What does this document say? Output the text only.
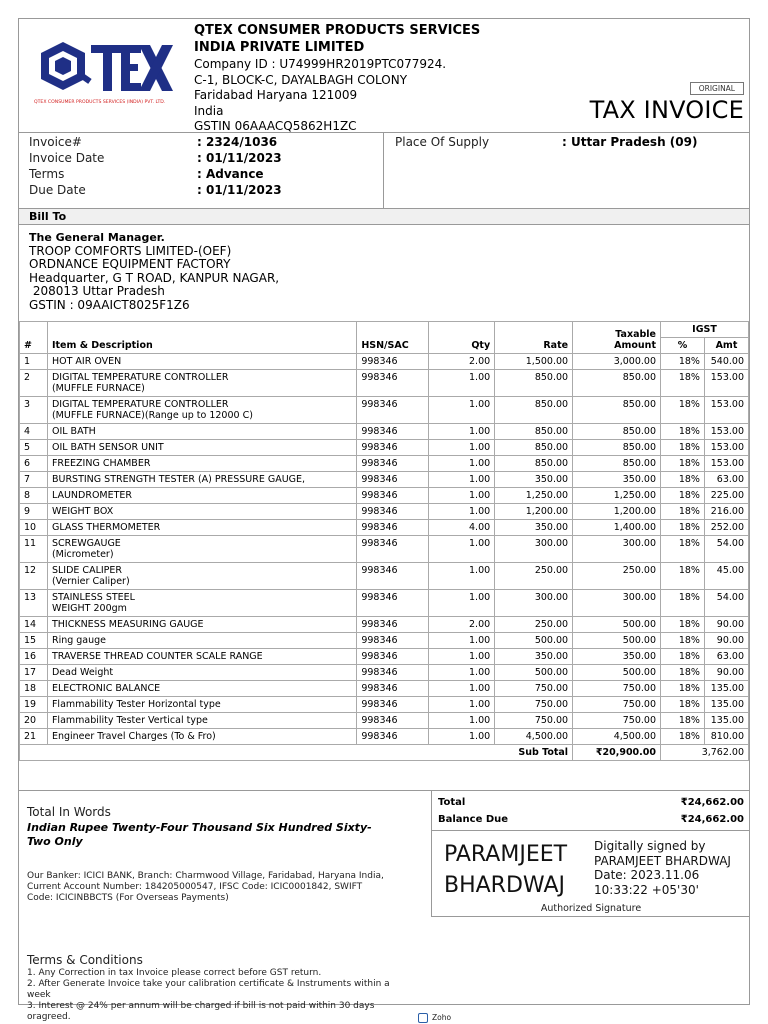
QTEX CONSUMER PRODUCTS SERVICES (INDIA) PVT. LTD.
QTEX CONSUMER PRODUCTS SERVICES
INDIA PRIVATE LIMITED
Company ID : U74999HR2019PTC077924.
C-1, BLOCK-C, DAYALBAGH COLONY
Faridabad Haryana 121009
India
GSTIN 06AAACQ5862H1ZC
ORIGINAL
TAX INVOICE
Invoice#	: 2324/1036
Invoice Date	: 01/11/2023
Terms	: Advance
Due Date	: 01/11/2023
Place Of Supply	: Uttar Pradesh (09)
Bill To
The General Manager.
TROOP COMFORTS LIMITED-(OEF)
ORDNANCE EQUIPMENT FACTORY
Headquarter, G T ROAD, KANPUR NAGAR,
208013 Uttar Pradesh
GSTIN : 09AAICT8025F1Z6
#	Item & Description	HSN/SAC	Qty	Rate	Taxable Amount	IGST	
						%	Amt
1	HOT AIR OVEN	998346	2.00	1,500.00	3,000.00	18%	540.00
2	DIGITAL TEMPERATURE CONTROLLER
(MUFFLE FURNACE)	998346	1.00	850.00	850.00	18%	153.00
3	DIGITAL TEMPERATURE CONTROLLER
(MUFFLE FURNACE)(Range up to 12000 C)	998346	1.00	850.00	850.00	18%	153.00
4	OIL BATH	998346	1.00	850.00	850.00	18%	153.00
5	OIL BATH SENSOR UNIT	998346	1.00	850.00	850.00	18%	153.00
6	FREEZING CHAMBER	998346	1.00	850.00	850.00	18%	153.00
7	BURSTING STRENGTH TESTER (A) PRESSURE GAUGE,	998346	1.00	350.00	350.00	18%	63.00
8	LAUNDROMETER	998346	1.00	1,250.00	1,250.00	18%	225.00
9	WEIGHT BOX	998346	1.00	1,200.00	1,200.00	18%	216.00
10	GLASS THERMOMETER	998346	4.00	350.00	1,400.00	18%	252.00
11	SCREWGAUGE
(Micrometer)	998346	1.00	300.00	300.00	18%	54.00
12	SLIDE CALIPER
(Vernier Caliper)	998346	1.00	250.00	250.00	18%	45.00
13	STAINLESS STEEL
WEIGHT 200gm	998346	1.00	300.00	300.00	18%	54.00
14	THICKNESS MEASURING GAUGE	998346	2.00	250.00	500.00	18%	90.00
15	Ring gauge	998346	1.00	500.00	500.00	18%	90.00
16	TRAVERSE THREAD COUNTER SCALE RANGE	998346	1.00	350.00	350.00	18%	63.00
17	Dead Weight	998346	1.00	500.00	500.00	18%	90.00
18	ELECTRONIC BALANCE	998346	1.00	750.00	750.00	18%	135.00
19	Flammability Tester Horizontal type	998346	1.00	750.00	750.00	18%	135.00
20	Flammability Tester Vertical type	998346	1.00	750.00	750.00	18%	135.00
21	Engineer Travel Charges (To & Fro)	998346	1.00	4,500.00	4,500.00	18%	810.00
Sub Total					₹20,900.00	3,762.00	
Total In Words
Indian Rupee Twenty-Four Thousand Six Hundred Sixty-Two Only
Our Banker: ICICI BANK, Branch: Charmwood Village, Faridabad, Haryana India,
Current Account Number: 184205000547, IFSC Code: ICIC0001842, SWIFT Code: ICICINBBCTS (For Overseas Payments)
Total	₹24,662.00
Balance Due	₹24,662.00
PARAMJEET
BHARDWAJ
Digitally signed by
PARAMJEET BHARDWAJ
Date: 2023.11.06
10:33:22 +05'30'
Authorized Signature
Terms & Conditions
1. Any Correction in tax Invoice please correct before GST return.
2. After Generate Invoice take your calibration certificate & Instruments within a week
3. Interest @ 24% per annum will be charged if bill is not paid within 30 days oragreed.	Zoho
